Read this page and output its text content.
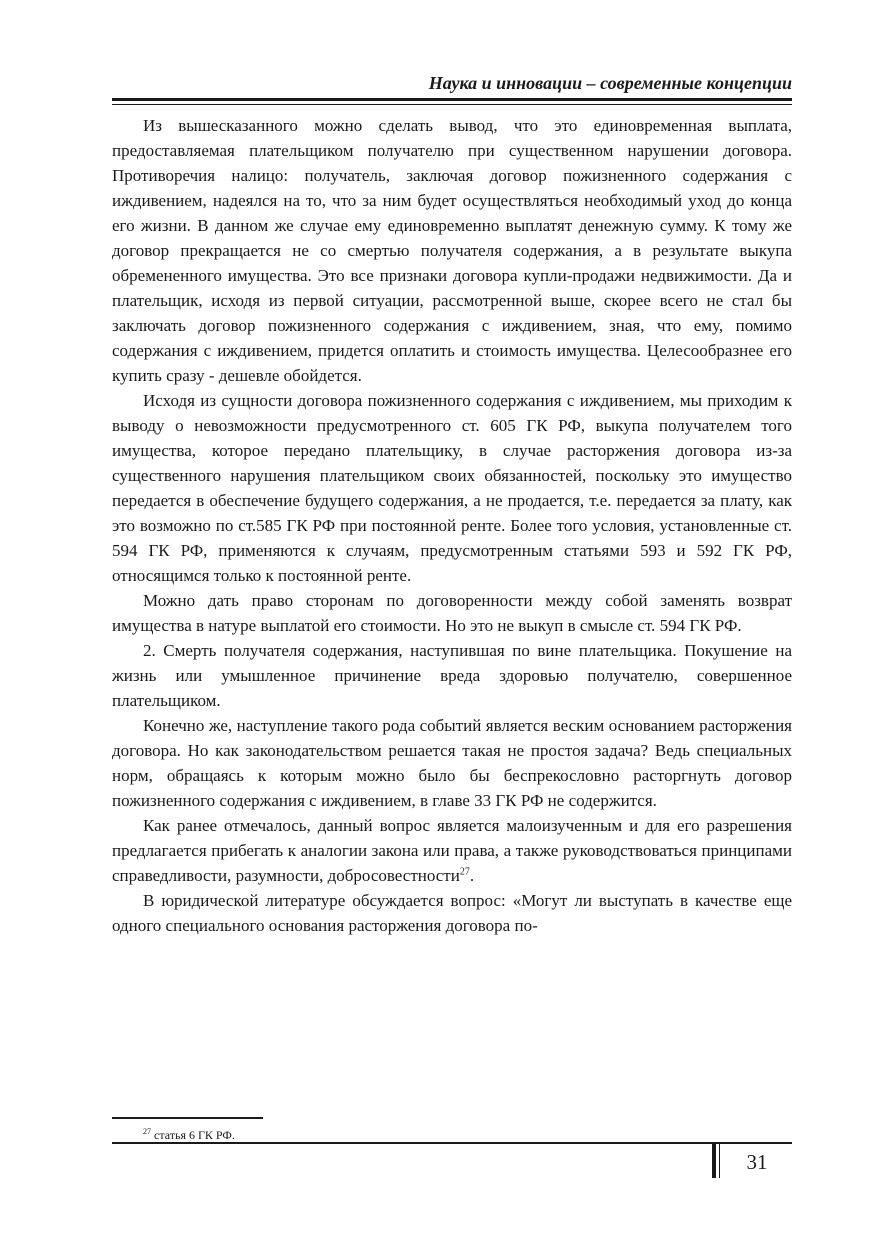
Наука и инновации – современные концепции

Из вышесказанного можно сделать вывод, что это единовременная выплата, предоставляемая плательщиком получателю при существенном нарушении договора. Противоречия налицо: получатель, заключая договор пожизненного содержания с иждивением, надеялся на то, что за ним будет осуществляться необходимый уход до конца его жизни. В данном же случае ему единовременно выплатят денежную сумму. К тому же договор прекращается не со смертью получателя содержания, а в результате выкупа обремененного имущества. Это все признаки договора купли-продажи недвижимости. Да и плательщик, исходя из первой ситуации, рассмотренной выше, скорее всего не стал бы заключать договор пожизненного содержания с иждивением, зная, что ему, помимо содержания с иждивением, придется оплатить и стоимость имущества. Целесообразнее его купить сразу - дешевле обойдется.

Исходя из сущности договора пожизненного содержания с иждивением, мы приходим к выводу о невозможности предусмотренного ст. 605 ГК РФ, выкупа получателем того имущества, которое передано плательщику, в случае расторжения договора из-за существенного нарушения плательщиком своих обязанностей, поскольку это имущество передается в обеспечение будущего содержания, а не продается, т.е. передается за плату, как это возможно по ст.585 ГК РФ при постоянной ренте. Более того условия, установленные ст. 594 ГК РФ, применяются к случаям, предусмотренным статьями 593 и 592 ГК РФ, относящимся только к постоянной ренте.

Можно дать право сторонам по договоренности между собой заменять возврат имущества в натуре выплатой его стоимости. Но это не выкуп в смысле ст. 594 ГК РФ.

2. Смерть получателя содержания, наступившая по вине плательщика. Покушение на жизнь или умышленное причинение вреда здоровью получателю, совершенное плательщиком.

Конечно же, наступление такого рода событий является веским основанием расторжения договора. Но как законодательством решается такая не простоя задача? Ведь специальных норм, обращаясь к которым можно было бы беспрекословно расторгнуть договор пожизненного содержания с иждивением, в главе 33 ГК РФ не содержится.

Как ранее отмечалось, данный вопрос является малоизученным и для его разрешения предлагается прибегать к аналогии закона или права, а также руководствоваться принципами справедливости, разумности, добросовестности$^{27}$.

В юридической литературе обсуждается вопрос: «Могут ли выступать в качестве еще одного специального основания расторжения договора по-

$^{27}$ статья 6 ГК РФ.
31
